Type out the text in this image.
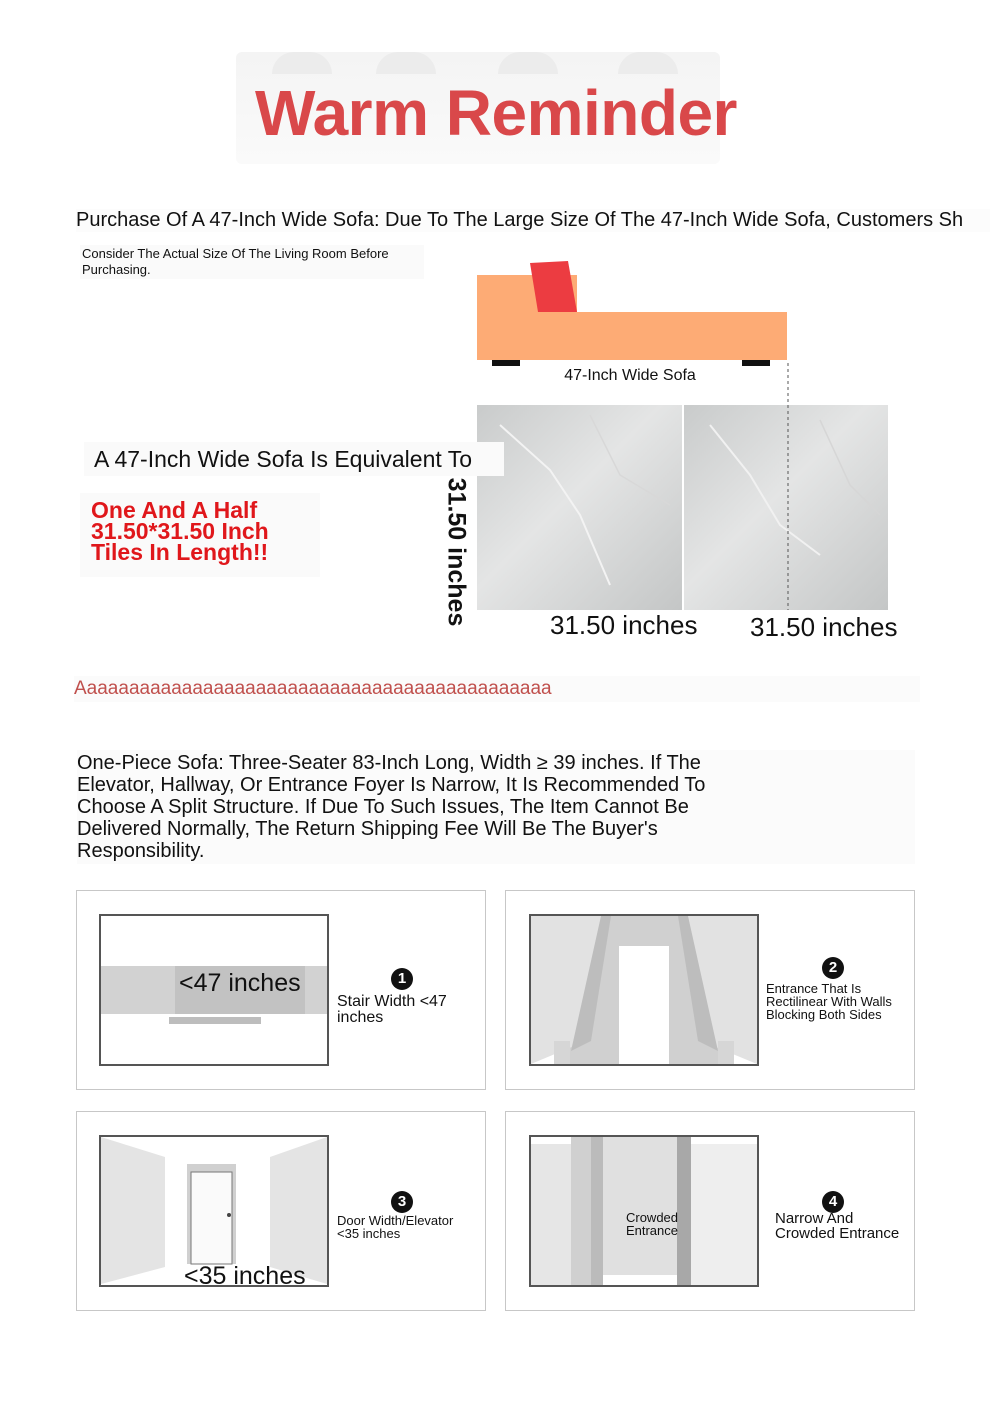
Warm Reminder
Purchase Of A 47-Inch Wide Sofa: Due To The Large Size Of The 47-Inch Wide Sofa, Customers Sh
Consider The Actual Size Of The Living Room Before Purchasing.
47-Inch Wide Sofa
A 47-Inch Wide Sofa Is Equivalent To
One And A Half
31.50*31.50 Inch
Tiles In Length!!	31.50 inches	31.50 inches 31.50 inches
Aaaaaaaaaaaaaaaaaaaaaaaaaaaaaaaaaaaaaaaaaaaaa
One-Piece Sofa: Three-Seater 83-Inch Long, Width ≥ 39 inches. If The Elevator, Hallway, Or Entrance Foyer Is Narrow, It Is Recommended To Choose A Split Structure. If Due To Such Issues, The Item Cannot Be Delivered Normally, The Return Shipping Fee Will Be The Buyer's Responsibility.
<47 inches	1
Stair Width <47 inches
2
Entrance That Is Rectilinear With Walls Blocking Both Sides
<35 inches
3
Door Width/Elevator <35 inches
Crowded Entrance
4
Narrow And Crowded Entrance
